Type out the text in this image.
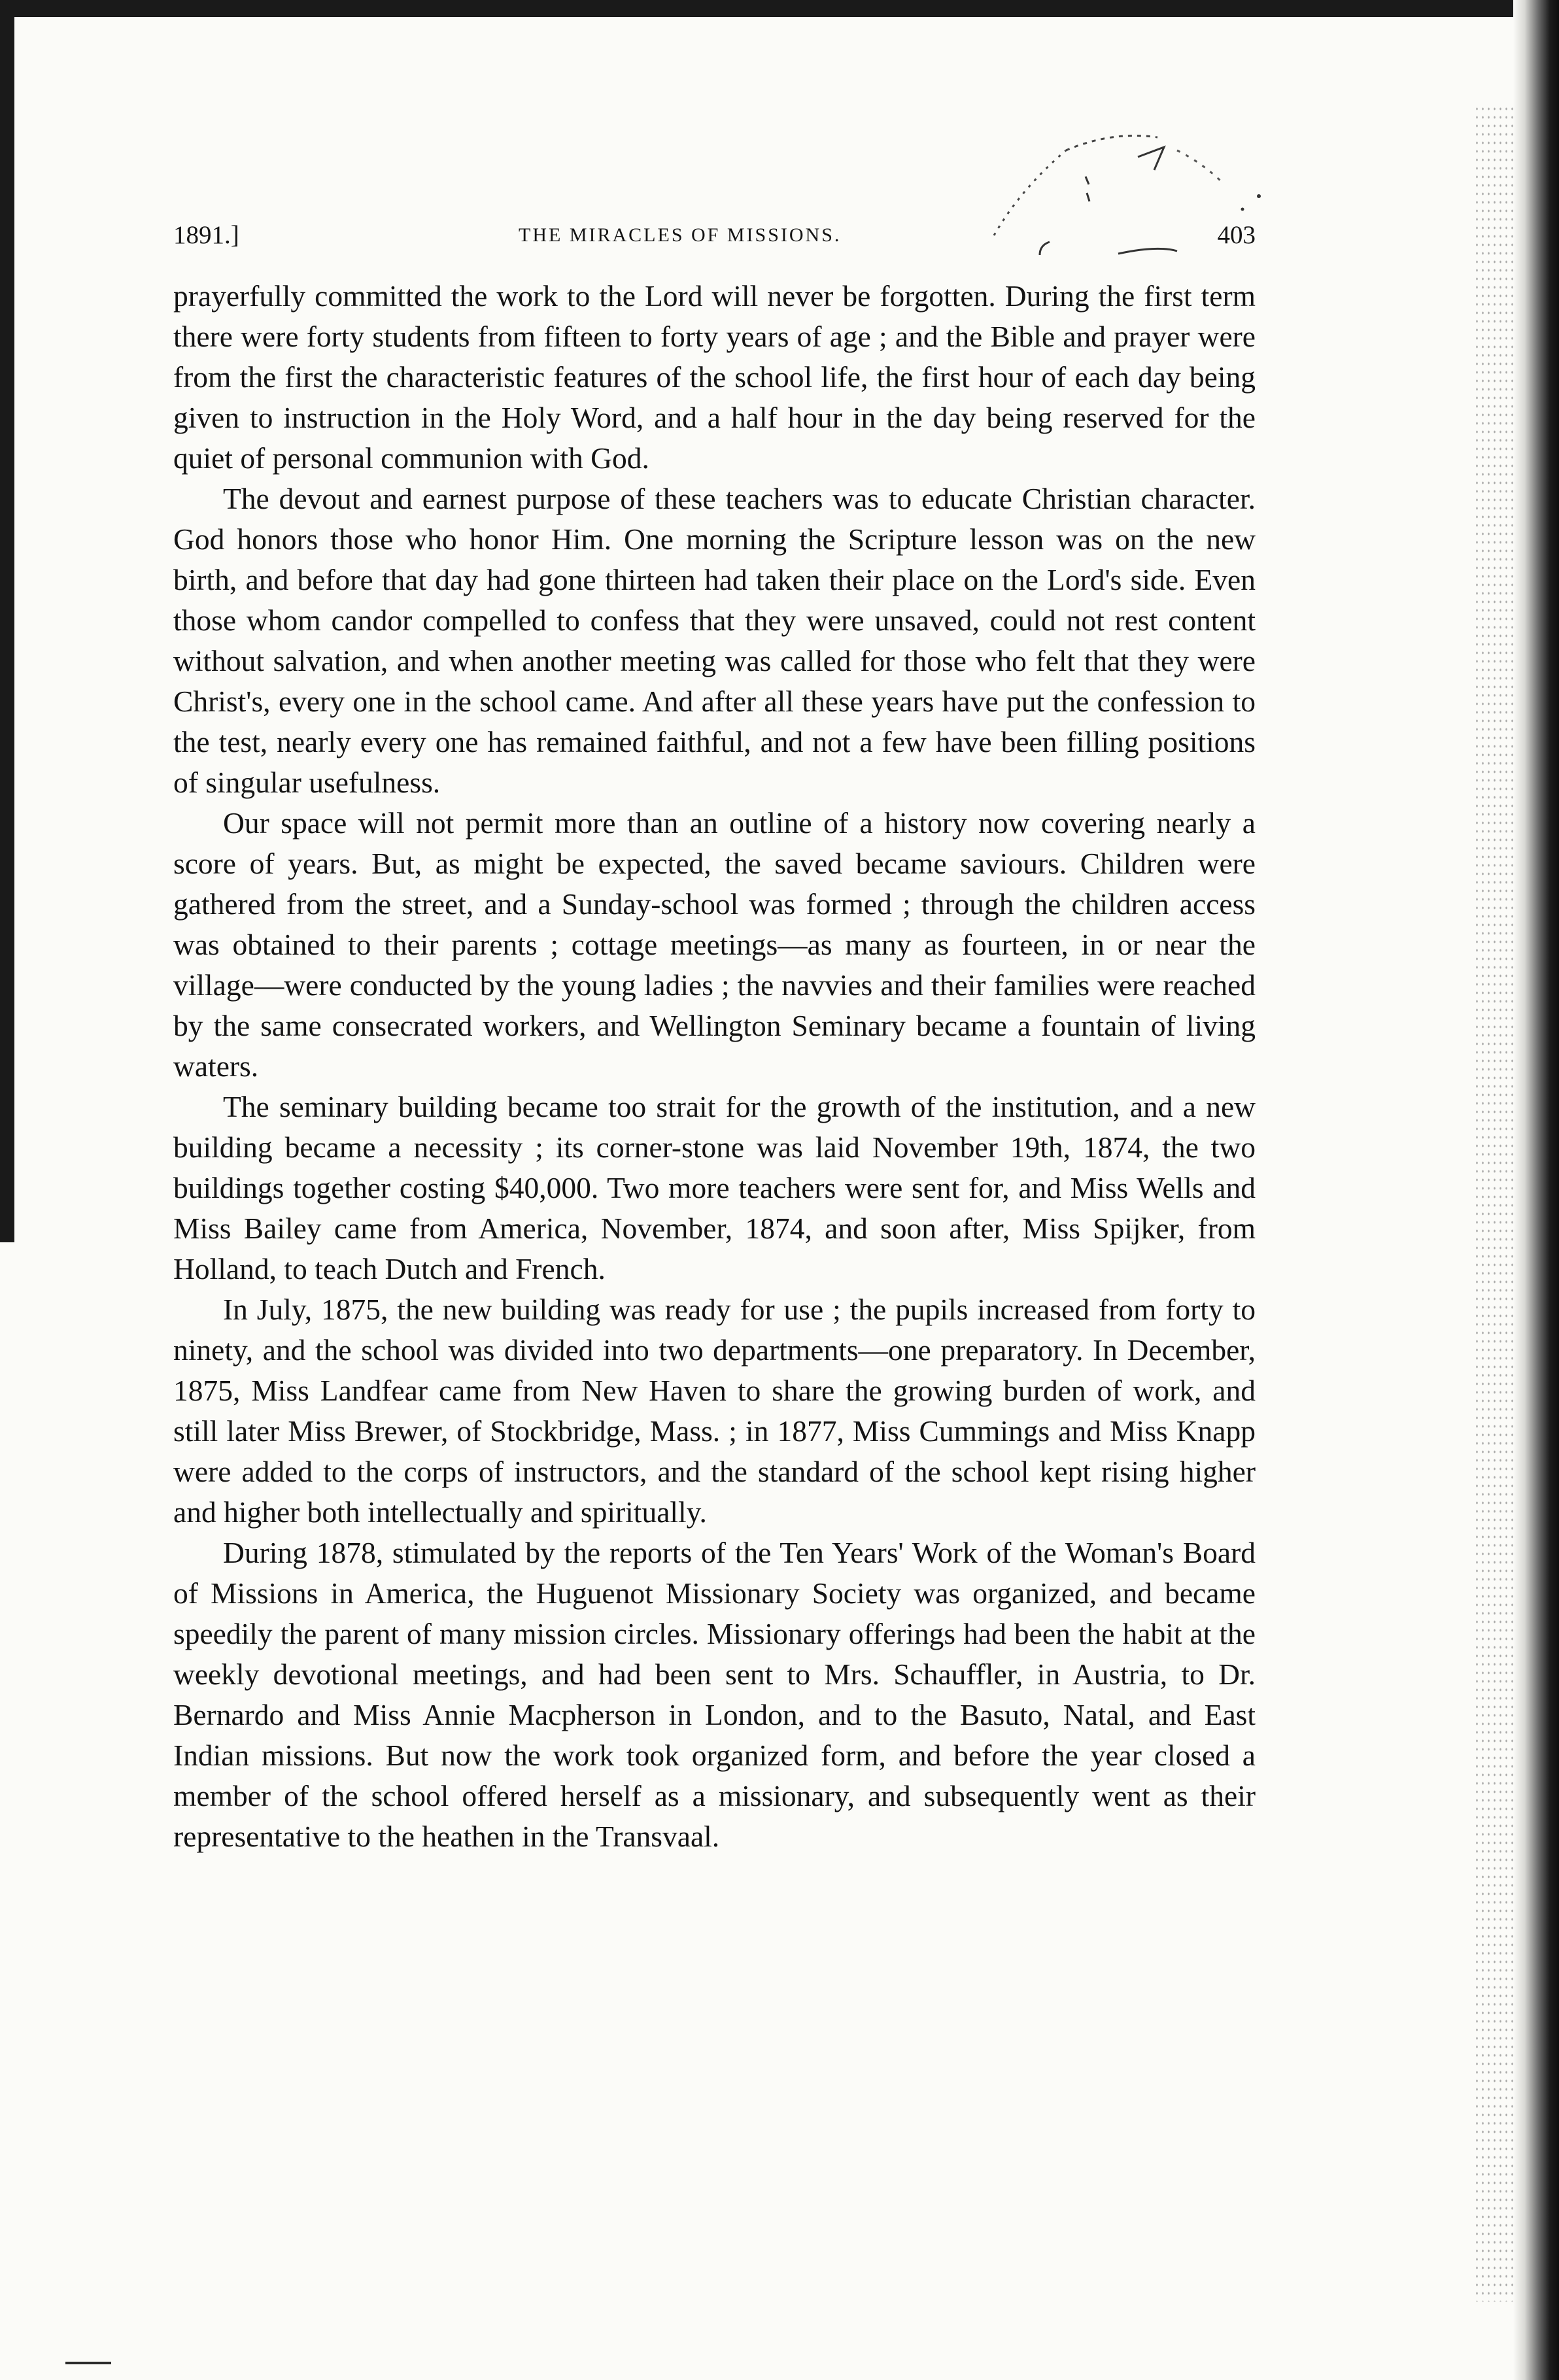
1891.]	THE MIRACLES OF MISSIONS.	403

prayerfully committed the work to the Lord will never be forgotten. During the first term there were forty students from fifteen to forty years of age ; and the Bible and prayer were from the first the characteristic features of the school life, the first hour of each day being given to instruction in the Holy Word, and a half hour in the day being reserved for the quiet of personal communion with God.

The devout and earnest purpose of these teachers was to educate Christian character. God honors those who honor Him. One morning the Scripture lesson was on the new birth, and before that day had gone thirteen had taken their place on the Lord's side. Even those whom candor compelled to confess that they were unsaved, could not rest content without salvation, and when another meeting was called for those who felt that they were Christ's, every one in the school came. And after all these years have put the confession to the test, nearly every one has remained faithful, and not a few have been filling positions of singular usefulness.

Our space will not permit more than an outline of a history now covering nearly a score of years. But, as might be expected, the saved became saviours. Children were gathered from the street, and a Sunday-school was formed ; through the children access was obtained to their parents ; cottage meetings—as many as fourteen, in or near the village—were conducted by the young ladies ; the navvies and their families were reached by the same consecrated workers, and Wellington Seminary became a fountain of living waters.

The seminary building became too strait for the growth of the institution, and a new building became a necessity ; its corner-stone was laid November 19th, 1874, the two buildings together costing $40,000. Two more teachers were sent for, and Miss Wells and Miss Bailey came from America, November, 1874, and soon after, Miss Spijker, from Holland, to teach Dutch and French.

In July, 1875, the new building was ready for use ; the pupils increased from forty to ninety, and the school was divided into two departments—one preparatory. In December, 1875, Miss Landfear came from New Haven to share the growing burden of work, and still later Miss Brewer, of Stockbridge, Mass. ; in 1877, Miss Cummings and Miss Knapp were added to the corps of instructors, and the standard of the school kept rising higher and higher both intellectually and spiritually.

During 1878, stimulated by the reports of the Ten Years' Work of the Woman's Board of Missions in America, the Huguenot Missionary Society was organized, and became speedily the parent of many mission circles. Missionary offerings had been the habit at the weekly devotional meetings, and had been sent to Mrs. Schauffler, in Austria, to Dr. Bernardo and Miss Annie Macpherson in London, and to the Basuto, Natal, and East Indian missions. But now the work took organized form, and before the year closed a member of the school offered herself as a missionary, and subsequently went as their representative to the heathen in the Transvaal.
